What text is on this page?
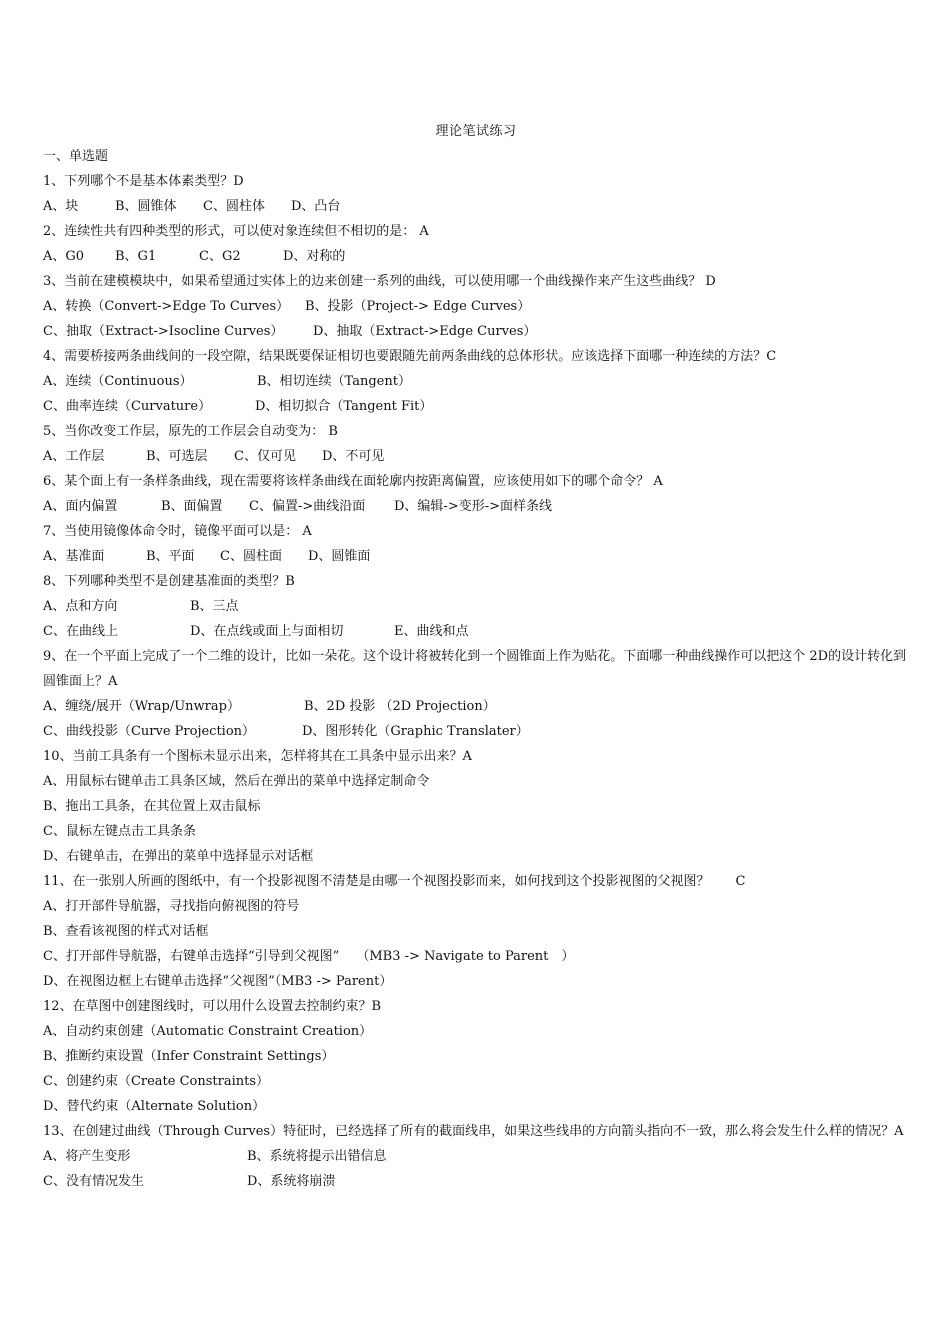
理论笔试练习
一、单选题
1、下列哪个不是基本体素类型？D
A、块	B、圆锥体 C、圆柱体 D、凸台
2、连续性共有四种类型的形式，可以使对象连续但不相切的是： A
A、G0 B、G1	C、G2	D、对称的
3、当前在建模模块中，如果希望通过实体上的边来创建一系列的曲线，可以使用哪一个曲线操作来产生这些曲线？ D
A、转换（Convert->Edge To Curves） B、投影（Project-> Edge Curves）
C、抽取（Extract->Isocline Curves） D、抽取（Extract->Edge Curves）
4、需要桥接两条曲线间的一段空隙，结果既要保证相切也要跟随先前两条曲线的总体形状。应该选择下面哪一种连续的方法？C
A、连续（Continuous）	B、相切连续（Tangent）
C、曲率连续（Curvature）	D、相切拟合（Tangent Fit）
5、当你改变工作层，原先的工作层会自动变为： B
A、工作层	B、可选层 C、仅可见 D、不可见
6、某个面上有一条样条曲线，现在需要将该样条曲线在面轮廓内按距离偏置，应该使用如下的哪个命令？ A
A、面内偏置	B、面偏置 C、偏置->曲线沿面 D、编辑->变形->面样条线
7、当使用镜像体命令时，镜像平面可以是： A
A、基准面	B、平面 C、圆柱面 D、圆锥面
8、下列哪种类型不是创建基准面的类型？B
A、点和方向	B、三点
C、在曲线上	D、在点线或面上与面相切	E、曲线和点
9、在一个平面上完成了一个二维的设计，比如一朵花。这个设计将被转化到一个圆锥面上作为贴花。下面哪一种曲线操作可以把这个 2D的设计转化到圆锥面上？A
A、缠绕/展开（Wrap/Unwrap）	B、2D 投影 （2D Projection）
C、曲线投影（Curve Projection）	D、图形转化（Graphic Translater）
10、当前工具条有一个图标未显示出来，怎样将其在工具条中显示出来？A
A、用鼠标右键单击工具条区域，然后在弹出的菜单中选择定制命令
B、拖出工具条，在其位置上双击鼠标
C、鼠标左键点击工具条条
D、右键单击，在弹出的菜单中选择显示对话框
11、在一张别人所画的图纸中，有一个投影视图不清楚是由哪一个视图投影而来，如何找到这个投影视图的父视图？　　C
A、打开部件导航器，寻找指向俯视图的符号
B、查看该视图的样式对话框
C、打开部件导航器，右键单击选择“引导到父视图”　 （MB3 -> Navigate to Parent　）
D、在视图边框上右键单击选择“父视图”（MB3 -> Parent）
12、在草图中创建图线时，可以用什么设置去控制约束？B
A、自动约束创建（Automatic Constraint Creation）
B、推断约束设置（Infer Constraint Settings）
C、创建约束（Create Constraints）
D、替代约束（Alternate Solution）
13、在创建过曲线（Through Curves）特征时，已经选择了所有的截面线串，如果这些线串的方向箭头指向不一致，那么将会发生什么样的情况？A
A、将产生变形	B、系统将提示出错信息
C、没有情况发生	D、系统将崩溃
